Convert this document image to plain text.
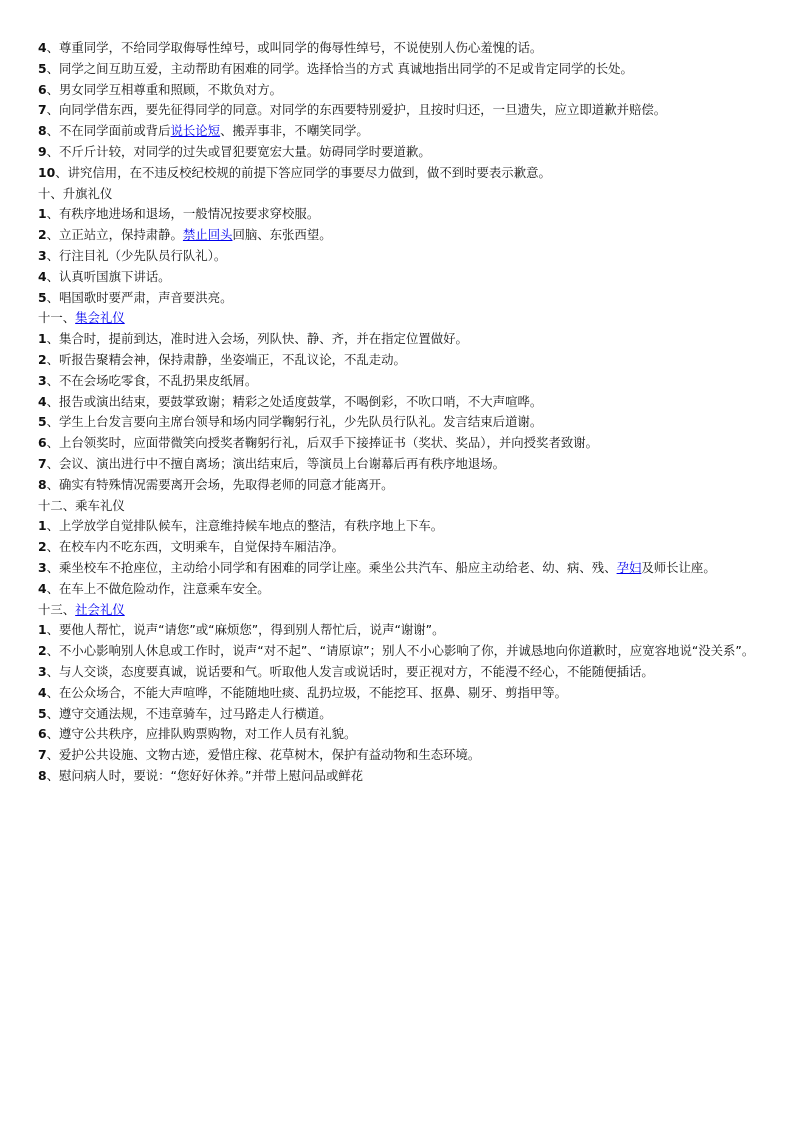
4、尊重同学，不给同学取侮辱性绰号，或叫同学的侮辱性绰号，不说使别人伤心羞愧的话。
5、同学之间互助互爱，主动帮助有困难的同学。选择恰当的方式 真诚地指出同学的不足或肯定同学的长处。
6、男女同学互相尊重和照顾，不欺负对方。
7、向同学借东西，要先征得同学的同意。对同学的东西要特别爱护，且按时归还，一旦遗失，应立即道歉并赔偿。
8、不在同学面前或背后说长论短、搬弄事非，不嘲笑同学。
9、不斤斤计较，对同学的过失或冒犯要宽宏大量。妨碍同学时要道歉。
10、讲究信用，在不违反校纪校规的前提下答应同学的事要尽力做到，做不到时要表示歉意。
十、升旗礼仪
1、有秩序地进场和退场，一般情况按要求穿校服。
2、立正站立，保持肃静。禁止回头回脑、东张西望。
3、行注目礼（少先队员行队礼）。
4、认真听国旗下讲话。
5、唱国歌时要严肃，声音要洪亮。
十一、集会礼仪
1、集合时，提前到达，准时进入会场，列队快、静、齐，并在指定位置做好。
2、听报告聚精会神，保持肃静，坐姿端正，不乱议论，不乱走动。
3、不在会场吃零食，不乱扔果皮纸屑。
4、报告或演出结束，要鼓掌致谢；精彩之处适度鼓掌，不喝倒彩，不吹口哨，不大声喧哗。
5、学生上台发言要向主席台领导和场内同学鞠躬行礼，少先队员行队礼。发言结束后道谢。
6、上台领奖时，应面带微笑向授奖者鞠躬行礼，后双手下接捧证书（奖状、奖品），并向授奖者致谢。
7、会议、演出进行中不擅自离场；演出结束后，等演员上台谢幕后再有秩序地退场。
8、确实有特殊情况需要离开会场，先取得老师的同意才能离开。
十二、乘车礼仪
1、上学放学自觉排队候车，注意维持候车地点的整洁，有秩序地上下车。
2、在校车内不吃东西，文明乘车，自觉保持车厢洁净。
3、乘坐校车不抢座位，主动给小同学和有困难的同学让座。乘坐公共汽车、船应主动给老、幼、病、残、孕妇及师长让座。
4、在车上不做危险动作，注意乘车安全。
十三、社会礼仪
1、要他人帮忙，说声“请您”或“麻烦您”，得到别人帮忙后，说声“谢谢”。
2、不小心影响别人休息或工作时，说声“对不起”、“请原谅”；别人不小心影响了你，并诚恳地向你道歉时，应宽容地说“没关系”。
3、与人交谈，态度要真诚，说话要和气。听取他人发言或说话时，要正视对方，不能漫不经心，不能随便插话。
4、在公众场合，不能大声喧哗，不能随地吐痰、乱扔垃圾，不能挖耳、抠鼻、剔牙、剪指甲等。
5、遵守交通法规，不违章骑车，过马路走人行横道。
6、遵守公共秩序，应排队购票购物，对工作人员有礼貌。
7、爱护公共设施、文物古迹，爱惜庄稼、花草树木，保护有益动物和生态环境。
8、慰问病人时，要说：“您好好休养。”并带上慰问品或鲜花
